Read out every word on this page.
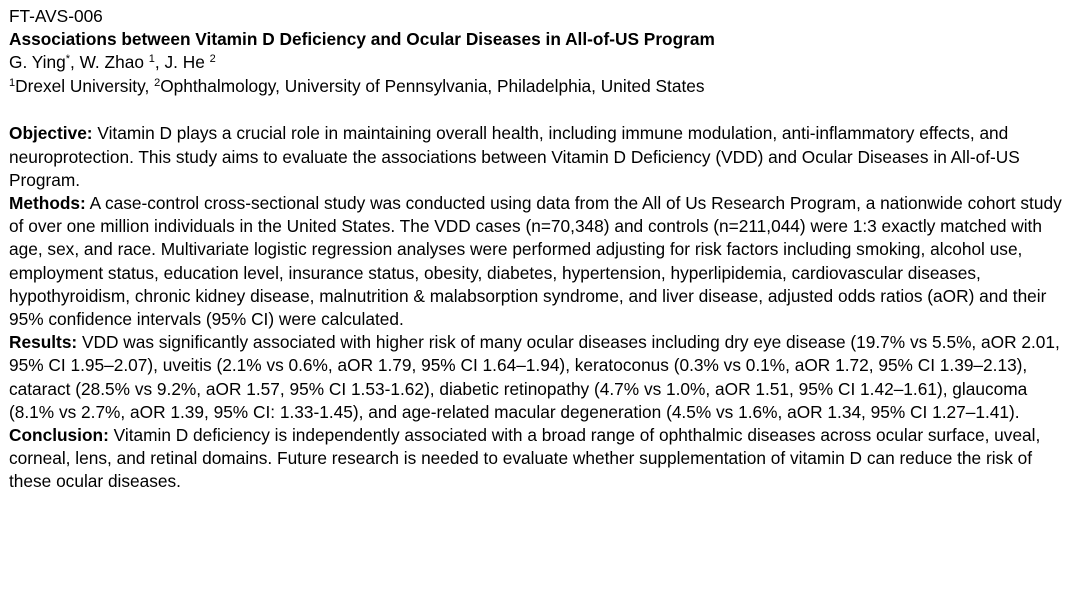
FT-AVS-006

Associations between Vitamin D Deficiency and Ocular Diseases in All-of-US Program

G. Ying*, W. Zhao $^1$, J. He $^2$

$^1$Drexel University, $^2$Ophthalmology, University of Pennsylvania, Philadelphia, United States

Objective: Vitamin D plays a crucial role in maintaining overall health, including immune modulation, anti-inflammatory effects, and neuroprotection. This study aims to evaluate the associations between Vitamin D Deficiency (VDD) and Ocular Diseases in All-of-US Program.

Methods: A case-control cross-sectional study was conducted using data from the All of Us Research Program, a nationwide cohort study of over one million individuals in the United States. The VDD cases (n=70,348) and controls (n=211,044) were 1:3 exactly matched with age, sex, and race. Multivariate logistic regression analyses were performed adjusting for risk factors including smoking, alcohol use, employment status, education level, insurance status, obesity, diabetes, hypertension, hyperlipidemia, cardiovascular diseases, hypothyroidism, chronic kidney disease, malnutrition & malabsorption syndrome, and liver disease, adjusted odds ratios (aOR) and their 95% confidence intervals (95% CI) were calculated.

Results: VDD was significantly associated with higher risk of many ocular diseases including dry eye disease (19.7% vs 5.5%, aOR 2.01, 95% CI 1.95–2.07), uveitis (2.1% vs 0.6%, aOR 1.79, 95% CI 1.64–1.94), keratoconus (0.3% vs 0.1%, aOR 1.72, 95% CI 1.39–2.13), cataract (28.5% vs 9.2%, aOR 1.57, 95% CI 1.53-1.62), diabetic retinopathy (4.7% vs 1.0%, aOR 1.51, 95% CI 1.42–1.61), glaucoma (8.1% vs 2.7%, aOR 1.39, 95% CI: 1.33-1.45), and age-related macular degeneration (4.5% vs 1.6%, aOR 1.34, 95% CI 1.27–1.41).

Conclusion: Vitamin D deficiency is independently associated with a broad range of ophthalmic diseases across ocular surface, uveal, corneal, lens, and retinal domains. Future research is needed to evaluate whether supplementation of vitamin D can reduce the risk of these ocular diseases.
